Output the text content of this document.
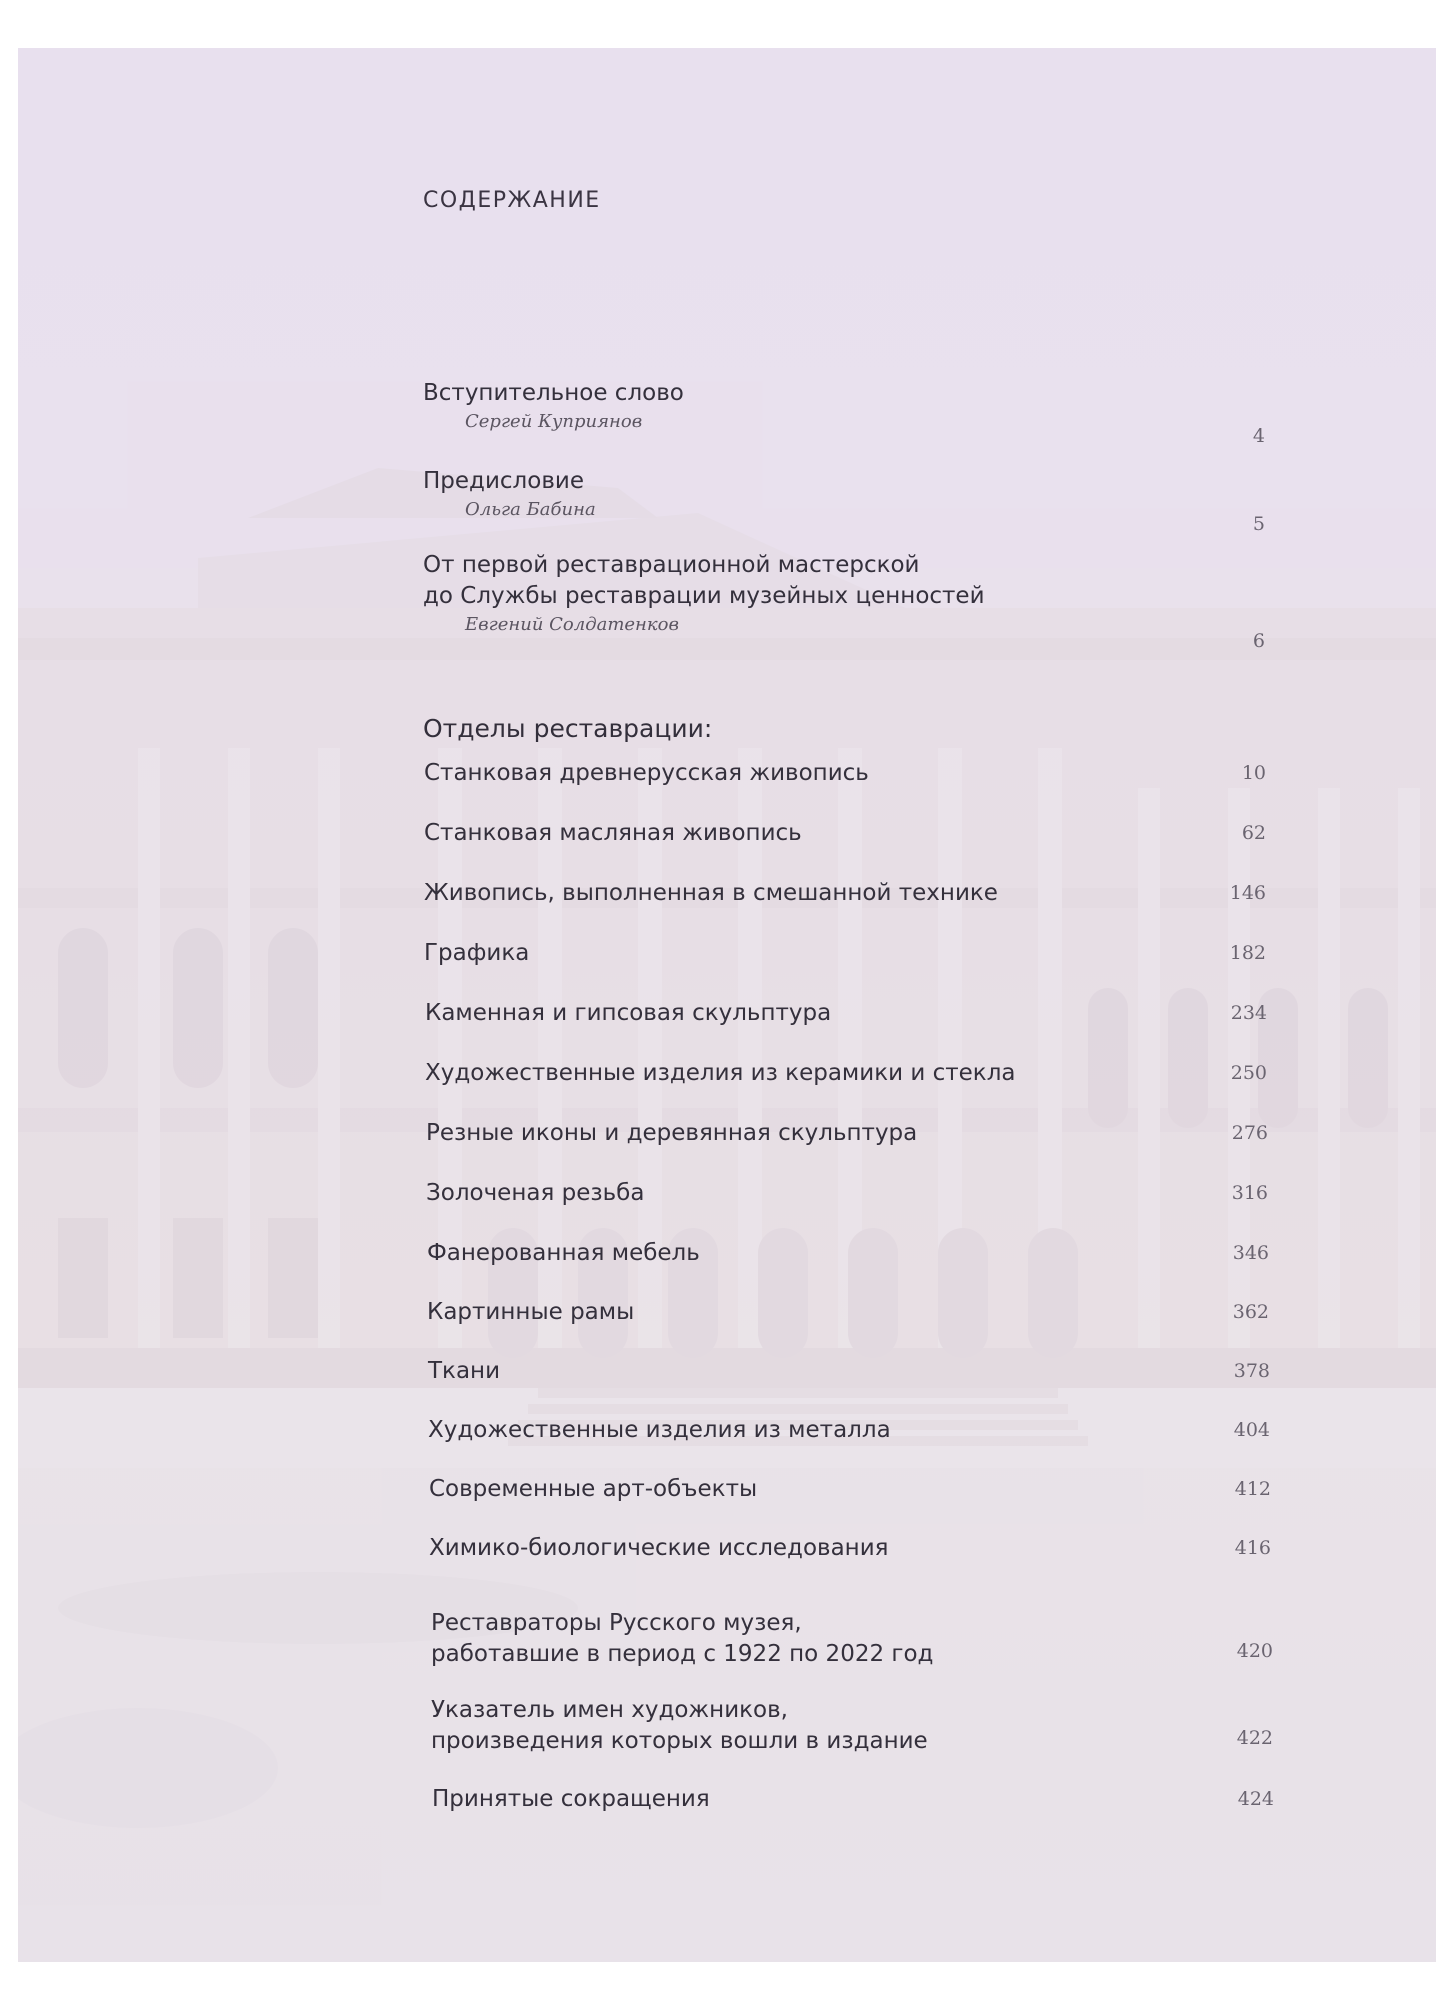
СОДЕРЖАНИЕ
Вступительное слово
Сергей Куприянов
4
Предисловие
Ольга Бабина
5
От первой реставрационной мастерской
до Службы реставрации музейных ценностей
Евгений Солдатенков
6
Отделы реставрации:
Станковая древнерусская живопись	10
Станковая масляная живопись	62
Живопись, выполненная в смешанной технике	146
Графика	182
Каменная и гипсовая скульптура	234
Художественные изделия из керамики и стекла	250
Резные иконы и деревянная скульптура	276
Золоченая резьба	316
Фанерованная мебель	346
Картинные рамы	362
Ткани	378
Художественные изделия из металла	404
Современные арт-объекты	412
Химико-биологические исследования	416
Реставраторы Русского музея,
работавшие в период с 1922 по 2022 год	420
Указатель имен художников,
произведения которых вошли в издание	422
Принятые сокращения	424
